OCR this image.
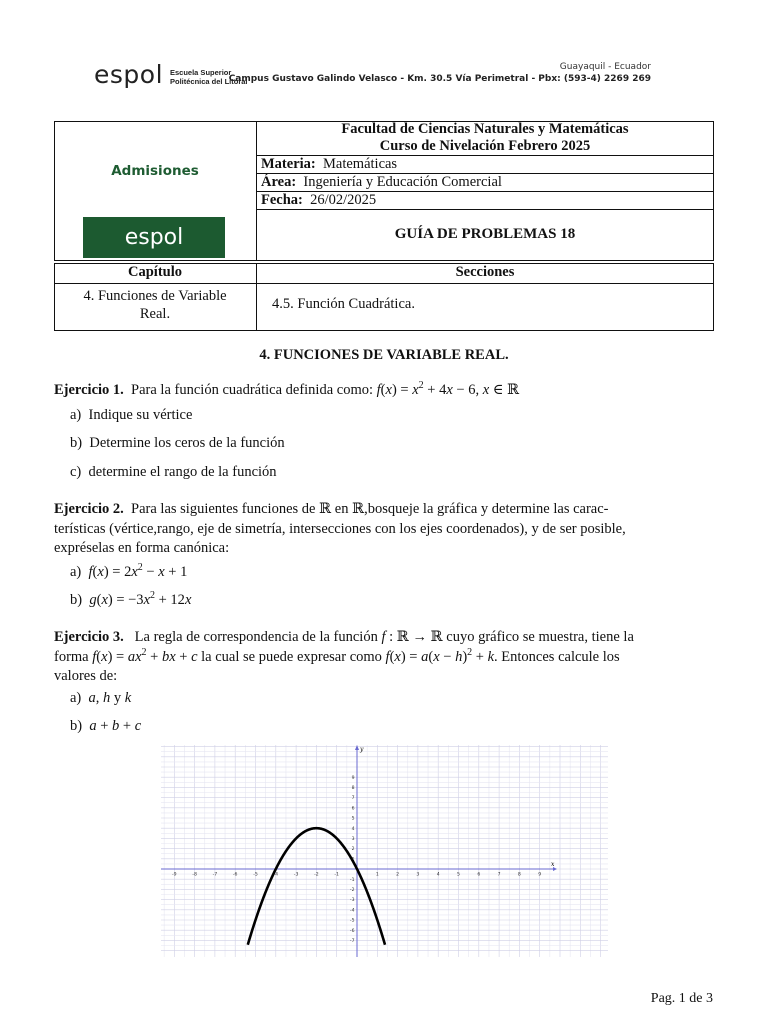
espol Escuela Superior
Politécnica del Litoral
Guayaquil - Ecuador
Campus Gustavo Galindo Velasco - Km. 30.5 Vía Perimetral - Pbx: (593-4) 2269 269
Admisiones
espol
Facultad de Ciencias Naturales y Matemáticas
Curso de Nivelación Febrero 2025
Materia: Matemáticas
Área: Ingeniería y Educación Comercial
Fecha: 26/02/2025
GUÍA DE PROBLEMAS 18
Capítulo	Secciones
4. Funciones de Variable
Real.
4.5. Función Cuadrática.
4. FUNCIONES DE VARIABLE REAL.
Ejercicio 1. Para la función cuadrática definida como: $f(x) = x^2 + 4x - 6$, x ∈ ℝ
a) Indique su vértice
b) Determine los ceros de la función
c) determine el rango de la función
Ejercicio 2. Para las siguientes funciones de ℝ en ℝ,bosqueje la gráfica y determine las carac-
terísticas (vértice,rango, eje de simetría, intersecciones con los ejes coordenados), y de ser posible,
expréselas en forma canónica:
a) $f(x) = 2x^2 - x + 1$
b) $g(x) = -3x^2 + 12x$
Ejercicio 3. La regla de correspondencia de la función f : ℝ → ℝ cuyo gráfico se muestra, tiene la
forma $f(x) = ax^2$ + bx + c la cual se puede expresar como $f(x) = a(x - h)^2 + k$. Entonces calcule los
valores de:
a) a, h y k
b) a + b + c
-9	-8	-7	-6	-5	-4	-3	-2	-1	1	2	3	4	5	6	7	8	9
-7
-6
-5
-4
-3
-2
-1
1
2
3
4
5
6
7
8
9
x
y
Pag. 1 de 3
